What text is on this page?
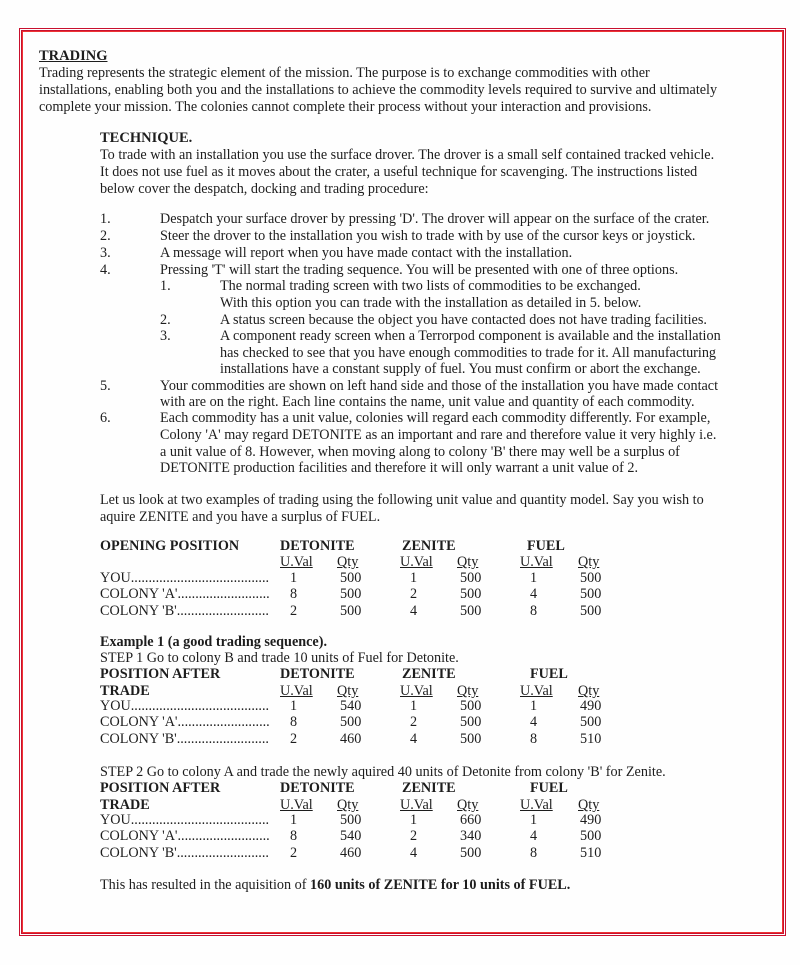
TRADING

Trading represents the strategic element of the mission. The purpose is to exchange commodities with other
installations, enabling both you and the installations to achieve the commodity levels required to survive and ultimately
complete your mission. The colonies cannot complete their process without your interaction and provisions.

TECHNIQUE.

To trade with an installation you use the surface drover. The drover is a small self contained tracked vehicle.
It does not use fuel as it moves about the crater, a useful technique for scavenging. The instructions listed
below cover the despatch, docking and trading procedure:

1.	Despatch your surface drover by pressing 'D'. The drover will appear on the surface of the crater.
2.	Steer the drover to the installation you wish to trade with by use of the cursor keys or joystick.
3.	A message will report when you have made contact with the installation.
4.	Pressing 'T' will start the trading sequence. You will be presented with one of three options.
1.	The normal trading screen with two lists of commodities to be exchanged.
With this option you can trade with the installation as detailed in 5. below.
2.	A status screen because the object you have contacted does not have trading facilities.
3.	A component ready screen when a Terrorpod component is available and the installation
has checked to see that you have enough commodities to trade for it. All manufacturing
installations have a constant supply of fuel. You must confirm or abort the exchange.
5.	Your commodities are shown on left hand side and those of the installation you have made contact
with are on the right. Each line contains the name, unit value and quantity of each commodity.
6.	Each commodity has a unit value, colonies will regard each commodity differently. For example,
Colony 'A' may regard DETONITE as an important and rare and therefore value it very highly i.e.
a unit value of 8. However, when moving along to colony 'B' there may well be a surplus of
DETONITE production facilities and therefore it will only warrant a unit value of 2.
Let us look at two examples of trading using the following unit value and quantity model. Say you wish to
aquire ZENITE and you have a surplus of FUEL.
OPENING POSITION	DETONITE	ZENITE	FUEL
U.Val Qty	U.Val Qty	U.Val Qty
YOU....................................... 1	500	1	500	1	500
COLONY 'A'.......................... 8	500	2	500	4	500
COLONY 'B'.......................... 2	500	4	500	8	500
Example 1 (a good trading sequence).
STEP 1 Go to colony B and trade 10 units of Fuel for Detonite.
POSITION AFTER
TRADE
DETONITE	ZENITE	FUEL
U.Val Qty	U.Val Qty	U.Val Qty
YOU....................................... 1	540	1	500	1	490
COLONY 'A'.......................... 8	500	2	500	4	500
COLONY 'B'.......................... 2	460	4	500	8	510
STEP 2 Go to colony A and trade the newly aquired 40 units of Detonite from colony 'B' for Zenite.
POSITION AFTER
TRADE
DETONITE	ZENITE	FUEL
U.Val Qty	U.Val Qty	U.Val Qty
YOU....................................... 1	500	1	660	1	490
COLONY 'A'.......................... 8	540	2	340	4	500
COLONY 'B'.......................... 2	460	4	500	8	510
This has resulted in the aquisition of 160 units of ZENITE for 10 units of FUEL.
